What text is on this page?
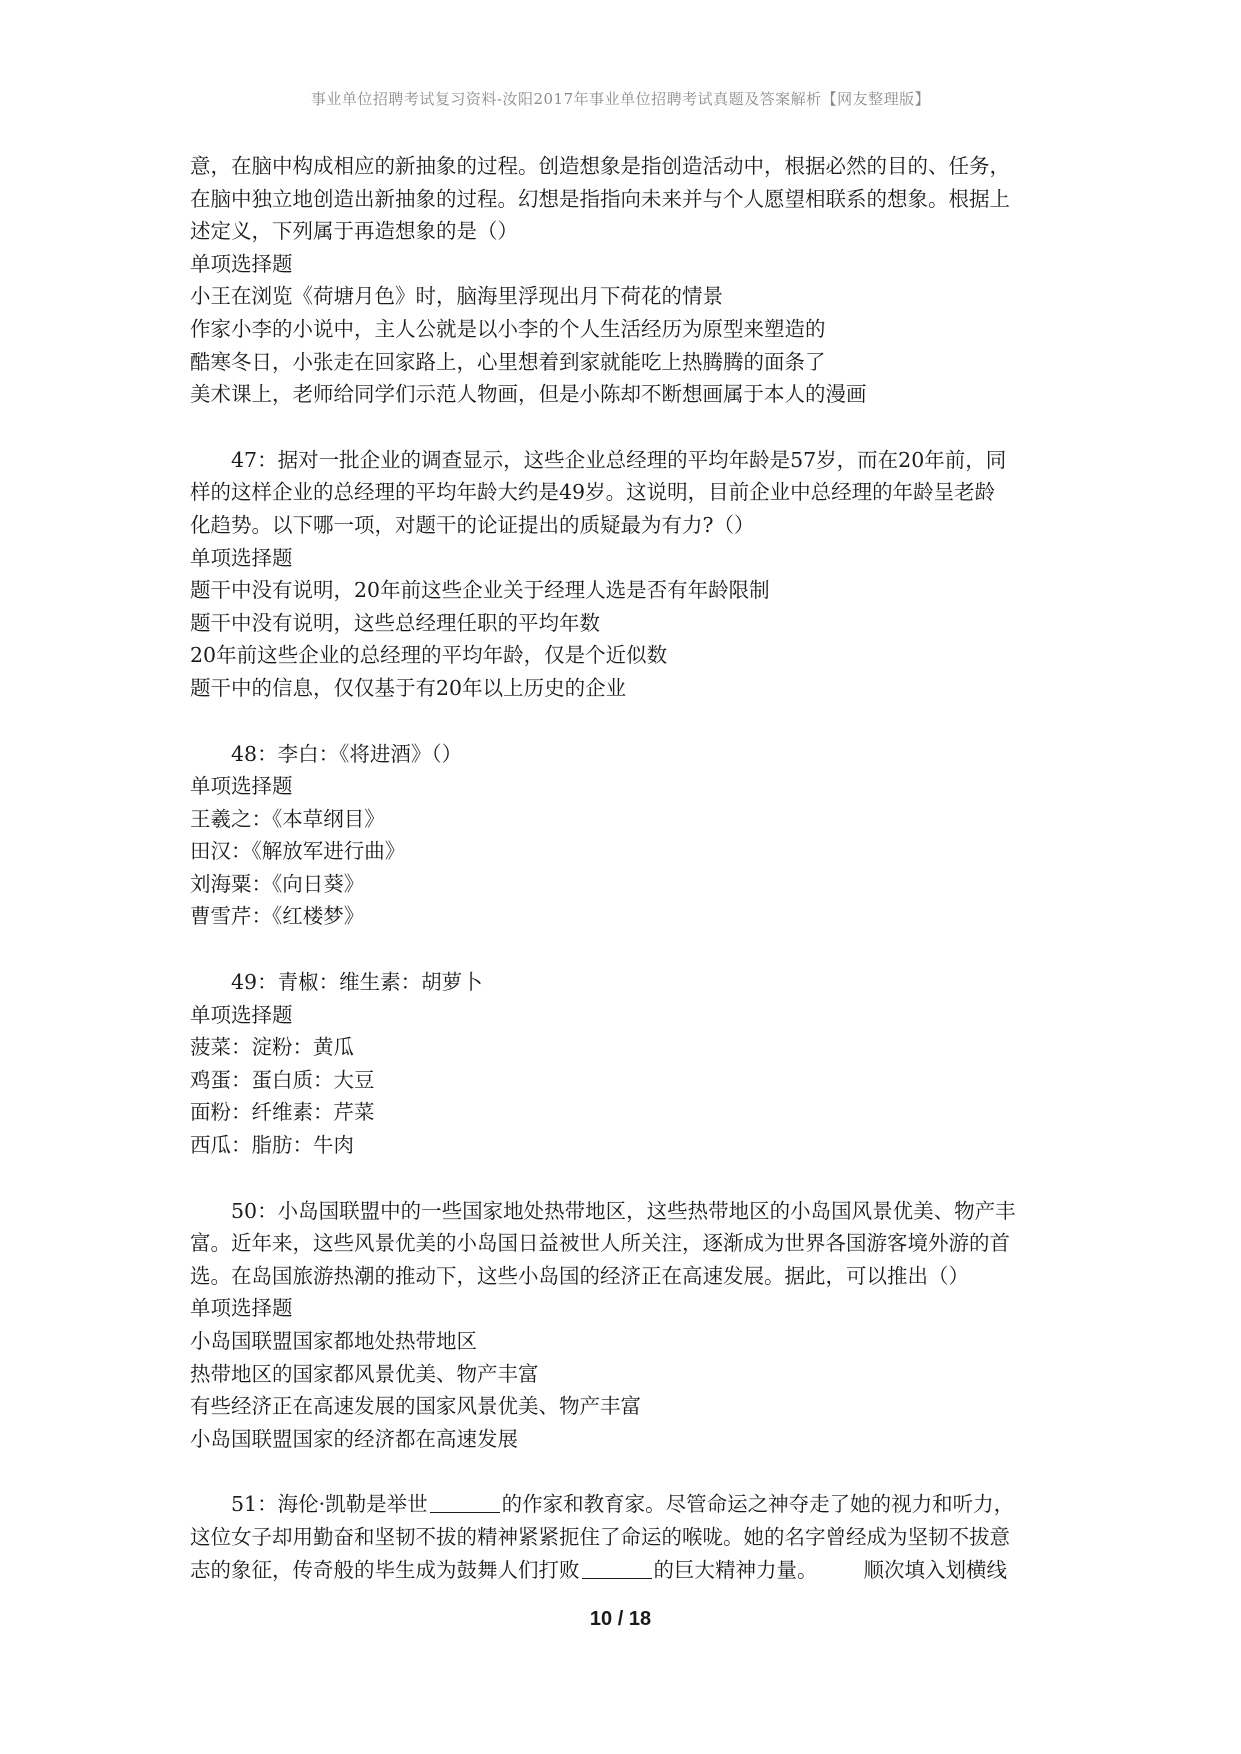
事业单位招聘考试复习资料-汝阳2017年事业单位招聘考试真题及答案解析【网友整理版】
意，在脑中构成相应的新抽象的过程。创造想象是指创造活动中，根据必然的目的、任务，
在脑中独立地创造出新抽象的过程。幻想是指指向未来并与个人愿望相联系的想象。根据上
述定义，下列属于再造想象的是（）
单项选择题
小王在浏览《荷塘月色》时，脑海里浮现出月下荷花的情景
作家小李的小说中，主人公就是以小李的个人生活经历为原型来塑造的
酷寒冬日，小张走在回家路上，心里想着到家就能吃上热腾腾的面条了
美术课上，老师给同学们示范人物画，但是小陈却不断想画属于本人的漫画
47：据对一批企业的调查显示，这些企业总经理的平均年龄是57岁，而在20年前，同
样的这样企业的总经理的平均年龄大约是49岁。这说明，目前企业中总经理的年龄呈老龄
化趋势。以下哪一项，对题干的论证提出的质疑最为有力?（）
单项选择题
题干中没有说明，20年前这些企业关于经理人选是否有年龄限制
题干中没有说明，这些总经理任职的平均年数
20年前这些企业的总经理的平均年龄，仅是个近似数
题干中的信息，仅仅基于有20年以上历史的企业
48：李白：《将进酒》（）
单项选择题
王羲之：《本草纲目》
田汉：《解放军进行曲》
刘海粟：《向日葵》
曹雪芹：《红楼梦》
49：青椒：维生素：胡萝卜
单项选择题
菠菜：淀粉：黄瓜
鸡蛋：蛋白质：大豆
面粉：纤维素：芹菜
西瓜：脂肪：牛肉
50：小岛国联盟中的一些国家地处热带地区，这些热带地区的小岛国风景优美、物产丰
富。近年来，这些风景优美的小岛国日益被世人所关注，逐渐成为世界各国游客境外游的首
选。在岛国旅游热潮的推动下，这些小岛国的经济正在高速发展。据此，可以推出（）
单项选择题
小岛国联盟国家都地处热带地区
热带地区的国家都风景优美、物产丰富
有些经济正在高速发展的国家风景优美、物产丰富
小岛国联盟国家的经济都在高速发展
51：海伦·凯勒是举世	的作家和教育家。尽管命运之神夺走了她的视力和听力，
这位女子却用勤奋和坚韧不拔的精神紧紧扼住了命运的喉咙。她的名字曾经成为坚韧不拔意
志的象征，传奇般的毕生成为鼓舞人们打败	的巨大精神力量。 顺次填入划横线
10 / 18
